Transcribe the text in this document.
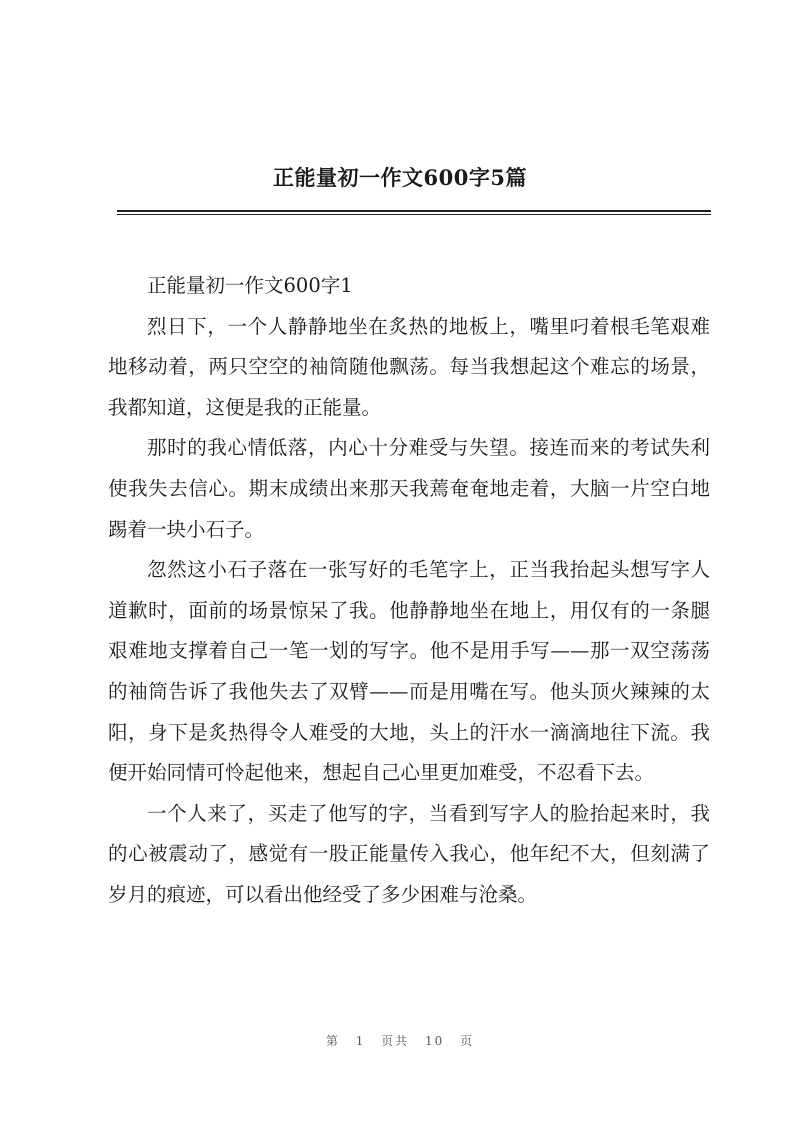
正能量初一作文600字5篇

正能量初一作文600字1

烈日下，一个人静静地坐在炙热的地板上，嘴里叼着根毛笔艰难地移动着，两只空空的袖筒随他飘荡。每当我想起这个难忘的场景，我都知道，这便是我的正能量。

那时的我心情低落，内心十分难受与失望。接连而来的考试失利使我失去信心。期末成绩出来那天我蔫奄奄地走着，大脑一片空白地踢着一块小石子。

忽然这小石子落在一张写好的毛笔字上，正当我抬起头想写字人道歉时，面前的场景惊呆了我。他静静地坐在地上，用仅有的一条腿艰难地支撑着自己一笔一划的写字。他不是用手写——那一双空荡荡的袖筒告诉了我他失去了双臂——而是用嘴在写。他头顶火辣辣的太阳，身下是炙热得令人难受的大地，头上的汗水一滴滴地往下流。我便开始同情可怜起他来，想起自己心里更加难受，不忍看下去。

一个人来了，买走了他写的字，当看到写字人的脸抬起来时，我的心被震动了，感觉有一股正能量传入我心，他年纪不大，但刻满了岁月的痕迹，可以看出他经受了多少困难与沧桑。

第 1 页共 10 页
